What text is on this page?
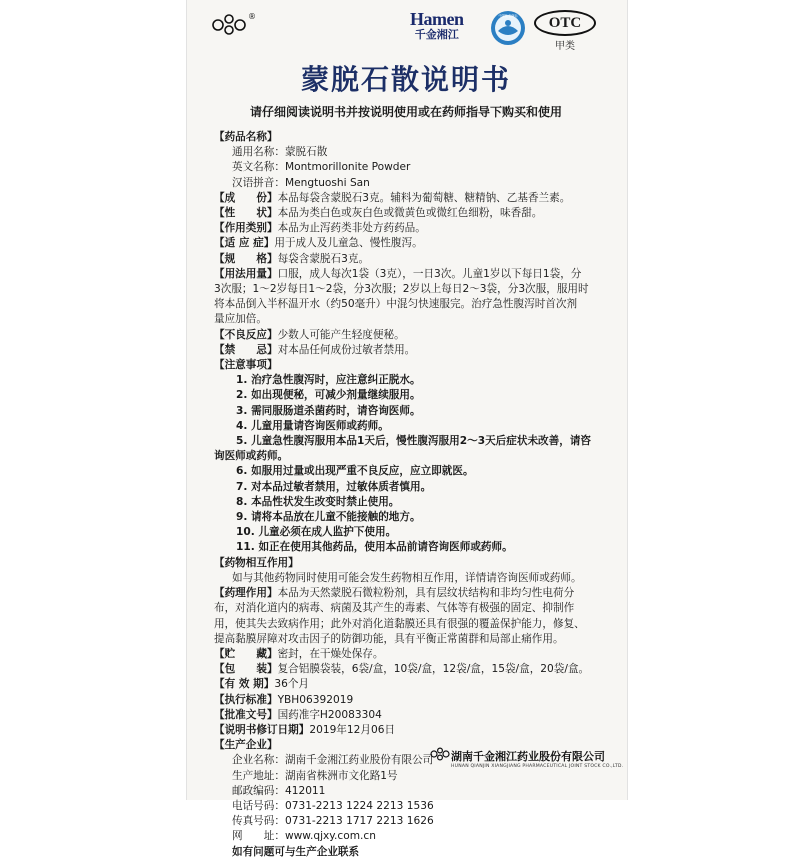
®	Hamen
千金湘江
中国驰名商标	OTC
甲类
蒙脱石散说明书
请仔细阅读说明书并按说明使用或在药师指导下购买和使用
【药品名称】
通用名称：蒙脱石散
英文名称：Montmorillonite Powder
汉语拼音：Mengtuoshi San
【成　　份】本品每袋含蒙脱石3克。辅料为葡萄糖、糖精钠、乙基香兰素。
【性　　状】本品为类白色或灰白色或微黄色或微红色细粉，味香甜。
【作用类别】本品为止泻药类非处方药药品。
【适 应 症】用于成人及儿童急、慢性腹泻。
【规　　格】每袋含蒙脱石3克。
【用法用量】口服，成人每次1袋（3克），一日3次。儿童1岁以下每日1袋，分
3次服；1～2岁每日1～2袋，分3次服；2岁以上每日2～3袋，分3次服，服用时
将本品倒入半杯温开水（约50毫升）中混匀快速服完。治疗急性腹泻时首次剂
量应加倍。
【不良反应】少数人可能产生轻度便秘。
【禁　　忌】对本品任何成份过敏者禁用。
【注意事项】
1. 治疗急性腹泻时，应注意纠正脱水。
2. 如出现便秘，可减少剂量继续服用。
3. 需同服肠道杀菌药时，请咨询医师。
4. 儿童用量请咨询医师或药师。
5. 儿童急性腹泻服用本品1天后，慢性腹泻服用2～3天后症状未改善，请咨
询医师或药师。
6. 如服用过量或出现严重不良反应，应立即就医。
7. 对本品过敏者禁用，过敏体质者慎用。
8. 本品性状发生改变时禁止使用。
9. 请将本品放在儿童不能接触的地方。
10. 儿童必须在成人监护下使用。
11. 如正在使用其他药品，使用本品前请咨询医师或药师。
【药物相互作用】
如与其他药物同时使用可能会发生药物相互作用，详情请咨询医师或药师。
【药理作用】本品为天然蒙脱石微粒粉剂，具有层纹状结构和非均匀性电荷分
布，对消化道内的病毒、病菌及其产生的毒素、气体等有极强的固定、抑制作
用，使其失去致病作用；此外对消化道黏膜还具有很强的覆盖保护能力，修复、
提高黏膜屏障对攻击因子的防御功能，具有平衡正常菌群和局部止痛作用。
【贮　　藏】密封，在干燥处保存。
【包　　装】复合铝膜袋装，6袋/盒，10袋/盒，12袋/盒，15袋/盒，20袋/盒。
【有 效 期】36个月
【执行标准】YBH06392019
【批准文号】国药准字H20083304
【说明书修订日期】2019年12月06日
【生产企业】
企业名称：湖南千金湘江药业股份有限公司
生产地址：湖南省株洲市文化路1号
邮政编码：412011
电话号码：0731-2213 1224 2213 1536
传真号码：0731-2213 1717 2213 1626
网　　址：www.qjxy.com.cn
如有问题可与生产企业联系
湖南千金湘江药业股份有限公司
HUNAN QIANJIN XIANGJIANG PHARMACEUTICAL JOINT STOCK CO.,LTD.
